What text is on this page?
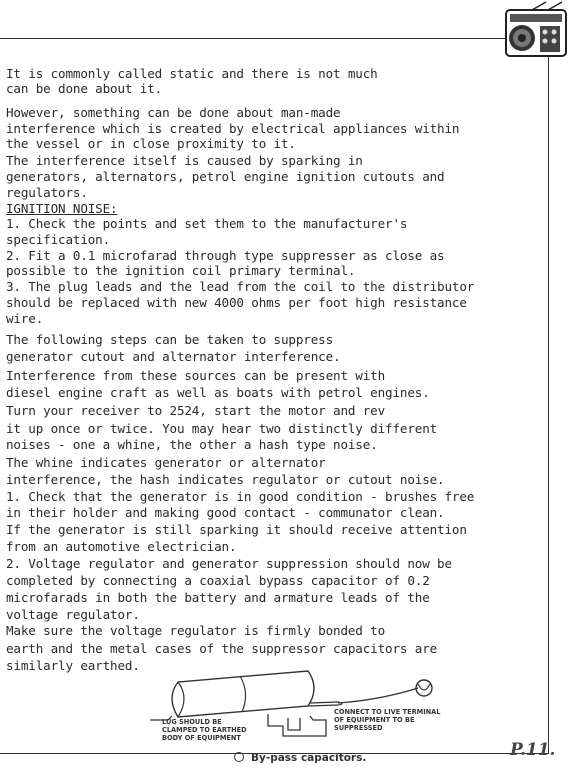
It is commonly called static and there is not much
can be done about it.
However, something can be done about man-made
interference which is created by electrical appliances within
the vessel or in close proximity to it.
The interference itself is caused by sparking in
generators, alternators, petrol engine ignition cutouts and
regulators.
IGNITION NOISE:
1. Check the points and set them to the manufacturer's
specification.
2. Fit a 0.1 microfarad through type suppresser as close as
possible to the ignition coil primary terminal.
3. The plug leads and the lead from the coil to the distributor
should be replaced with new 4000 ohms per foot high resistance
wire.
The following steps can be taken to suppress
generator cutout and alternator interference.
Interference from these sources can be present with
diesel engine craft as well as boats with petrol engines.
Turn your receiver to 2524, start the motor and rev
it up once or twice. You may hear two distinctly different
noises - one a whine, the other a hash type noise.
The whine indicates generator or alternator
interference, the hash indicates regulator or cutout noise.
1. Check that the generator is in good condition - brushes free
in their holder and making good contact - communator clean.
If the generator is still sparking it should receive attention
from an automotive electrician.
2. Voltage regulator and generator suppression should now be
completed by connecting a coaxial bypass capacitor of 0.2
microfarads in both the battery and armature leads of the
voltage regulator.
Make sure the voltage regulator is firmly bonded to
earth and the metal cases of the suppressor capacitors are
similarly earthed.
LUG SHOULD BE
CLAMPED TO EARTHED
BODY OF EQUIPMENT
CONNECT TO LIVE TERMINAL
OF EQUIPMENT TO BE
SUPPRESSED
By-pass capacitors.	P.11.
